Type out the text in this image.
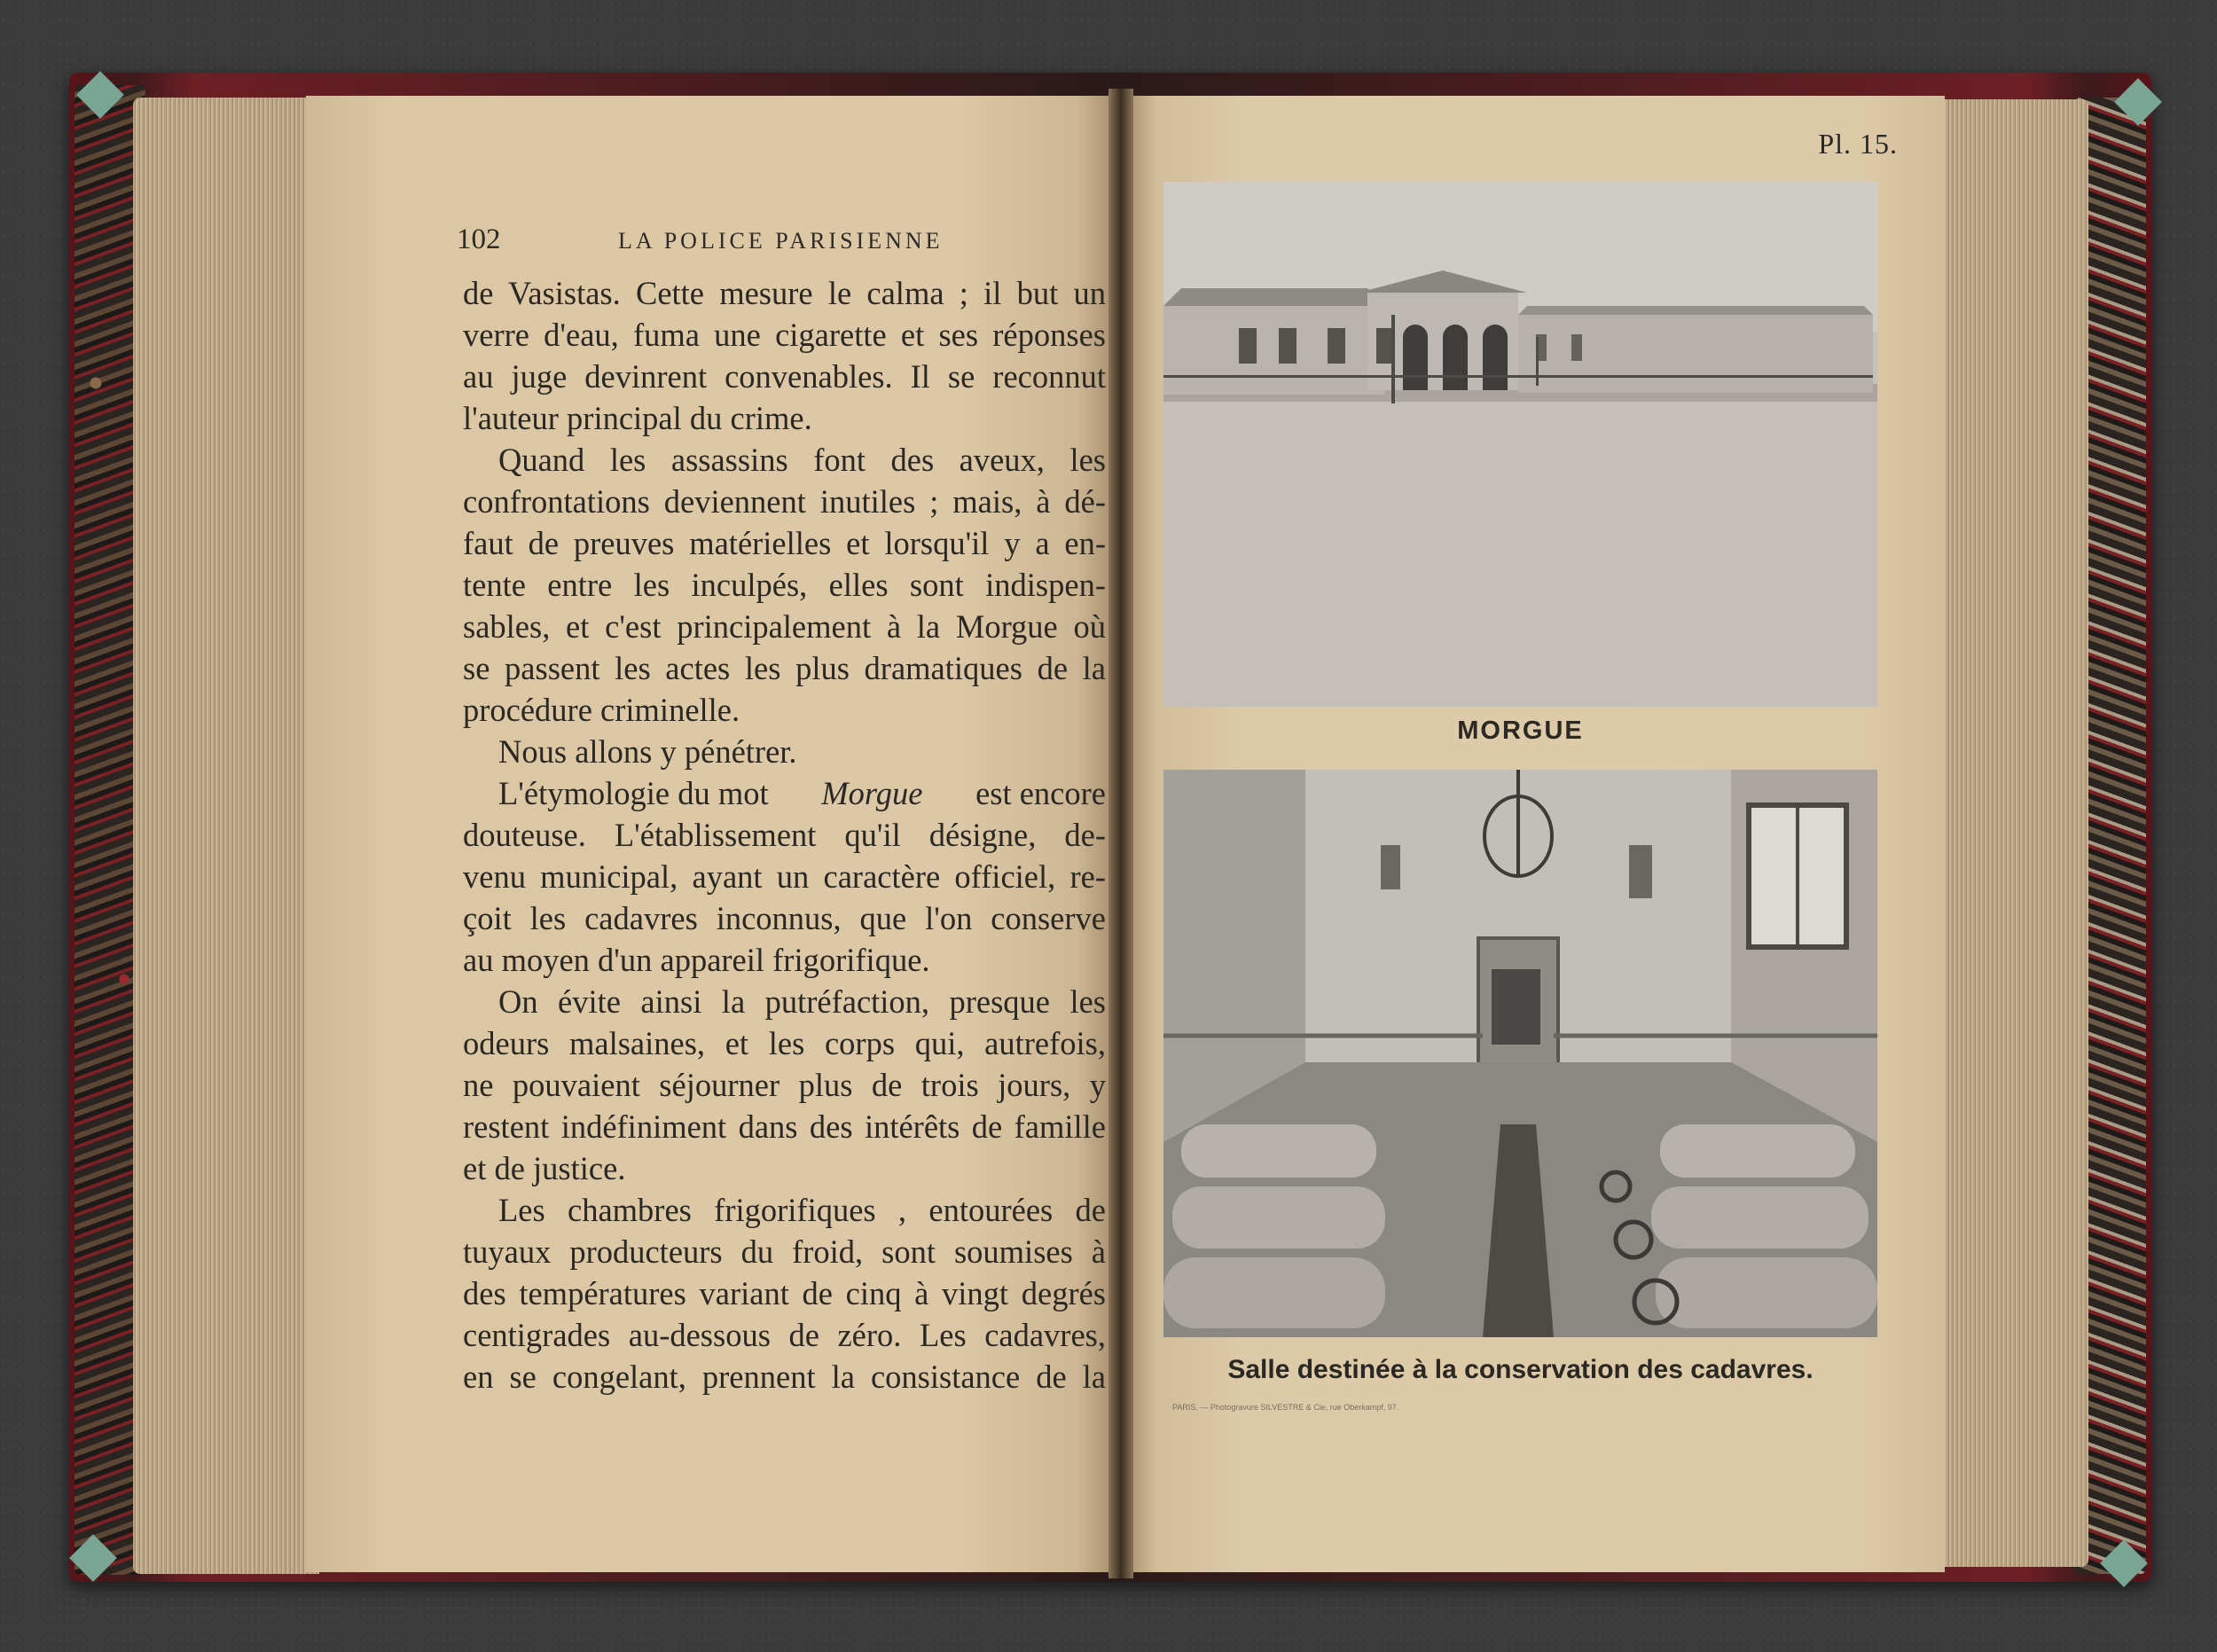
102	LA POLICE PARISIENNE
de Vasistas. Cette mesure le calma ; il but un
verre d'eau, fuma une cigarette et ses réponses
au juge devinrent convenables. Il se reconnut
l'auteur principal du crime.
Quand les assassins font des aveux, les
confrontations deviennent inutiles ; mais, à dé-
faut de preuves matérielles et lorsqu'il y a en-
tente entre les inculpés, elles sont indispen-
sables, et c'est principalement à la Morgue où
se passent les actes les plus dramatiques de la
procédure criminelle.
Nous allons y pénétrer.
L'étymologie du mot Morgue est encore
douteuse. L'établissement qu'il désigne, de-
venu municipal, ayant un caractère officiel, re-
çoit les cadavres inconnus, que l'on conserve
au moyen d'un appareil frigorifique.
On évite ainsi la putréfaction, presque les
odeurs malsaines, et les corps qui, autrefois,
ne pouvaient séjourner plus de trois jours, y
restent indéfiniment dans des intérêts de famille
et de justice.
Les chambres frigorifiques , entourées de
tuyaux producteurs du froid, sont soumises à
des températures variant de cinq à vingt degrés
centigrades au-dessous de zéro. Les cadavres,
en se congelant, prennent la consistance de la
Pl. 15.
MORGUE
Salle destinée à la conservation des cadavres.
PARIS. — Photogravure SILVESTRE & Cie, rue Oberkampf, 97.
